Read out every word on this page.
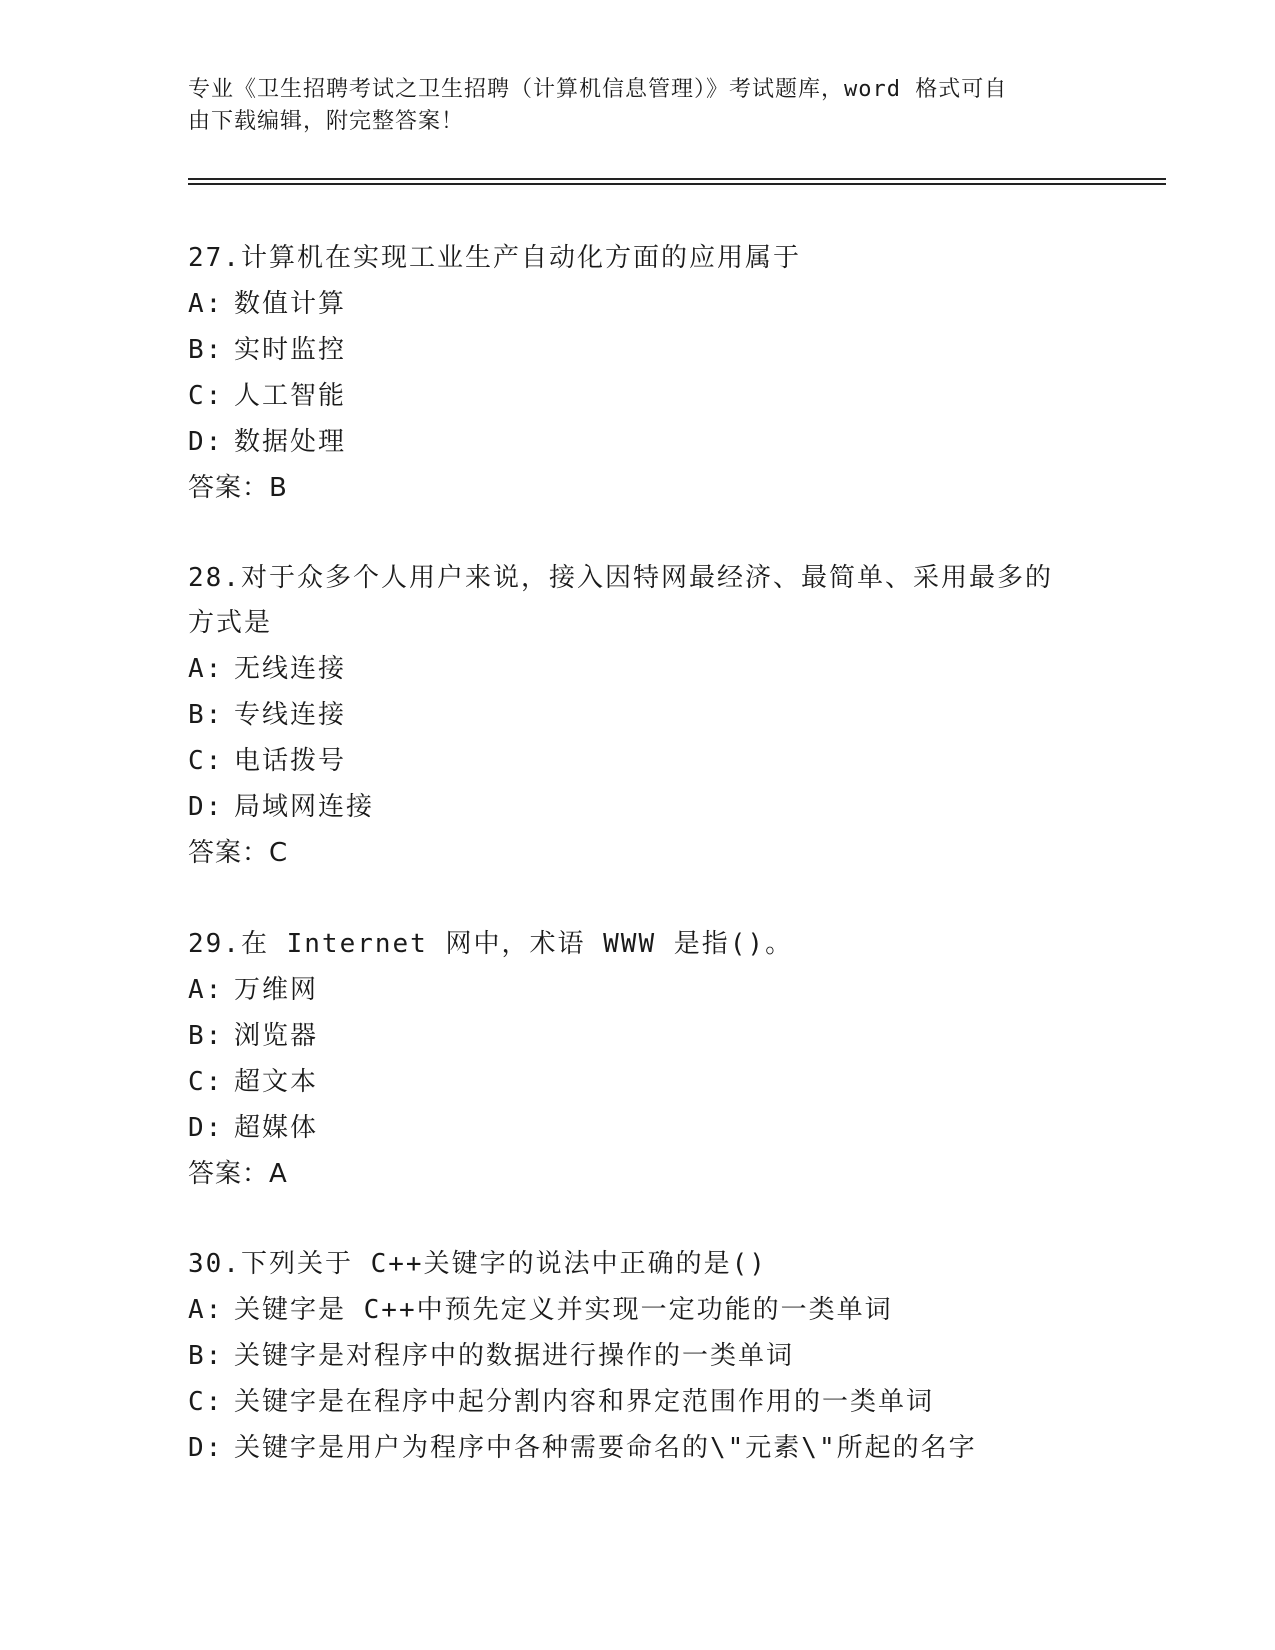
专业《卫生招聘考试之卫生招聘（计算机信息管理）》考试题库，word 格式可自
由下载编辑，附完整答案！

27.计算机在实现工业生产自动化方面的应用属于

A: 数值计算

B: 实时监控

C: 人工智能

D: 数据处理

答案：B

28.对于众多个人用户来说，接入因特网最经济、最简单、采用最多的

方式是

A: 无线连接

B: 专线连接

C: 电话拨号

D: 局域网连接

答案：C

29.在 Internet 网中，术语 WWW 是指()。

A: 万维网

B: 浏览器

C: 超文本

D: 超媒体

答案：A

30.下列关于 C++关键字的说法中正确的是()

A: 关键字是 C++中预先定义并实现一定功能的一类单词

B: 关键字是对程序中的数据进行操作的一类单词

C: 关键字是在程序中起分割内容和界定范围作用的一类单词

D: 关键字是用户为程序中各种需要命名的\"元素\"所起的名字
